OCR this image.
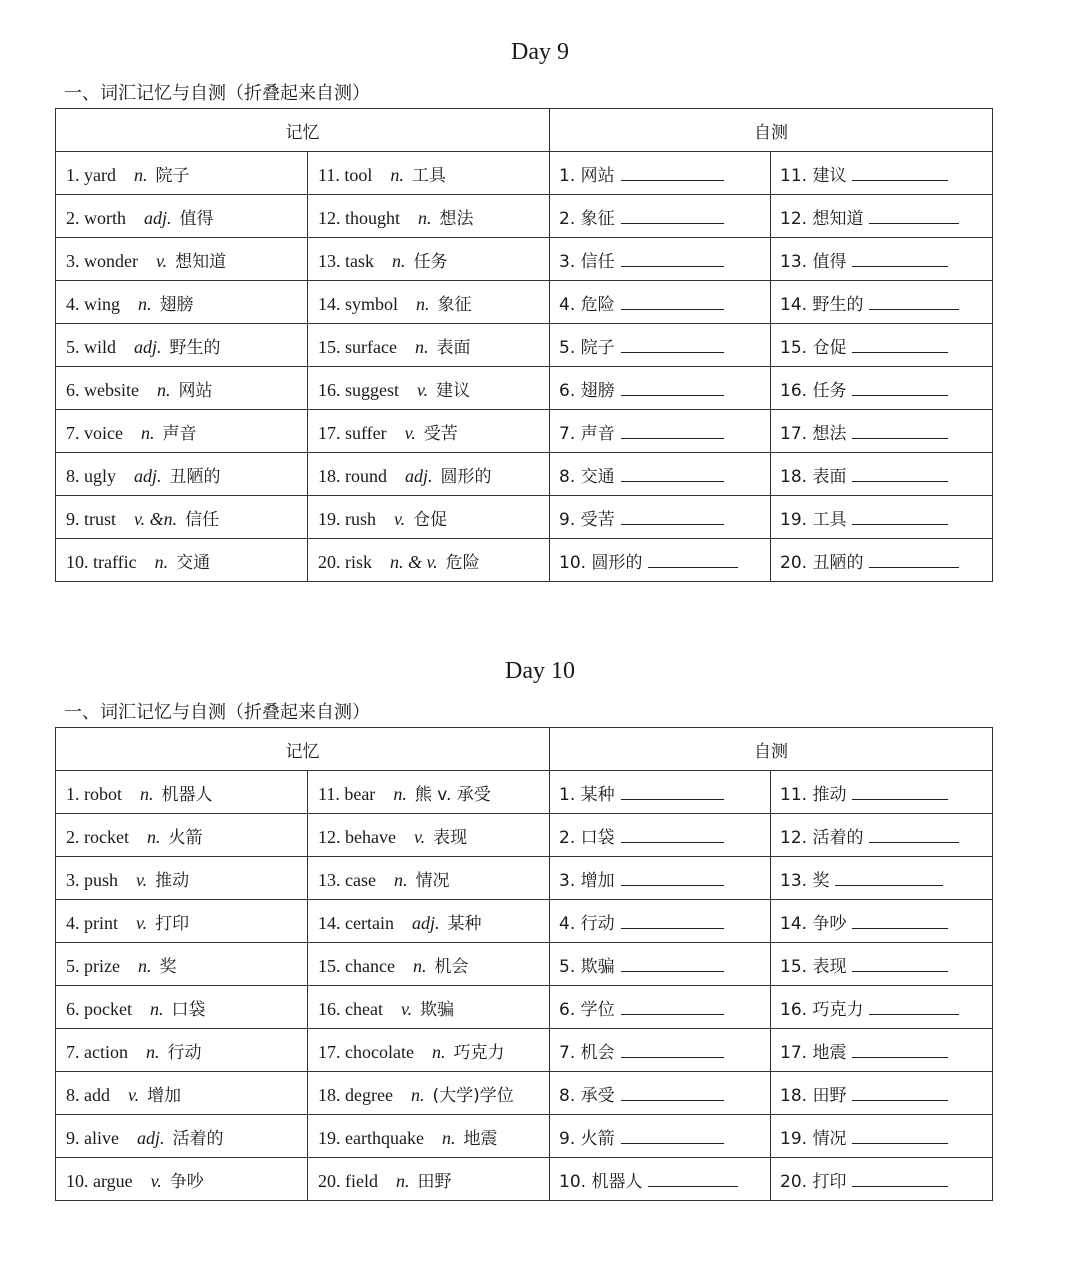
Day 9
一、词汇记忆与自测（折叠起来自测）
记忆		自测	
1. yard n. 院子	11. tool n. 工具	1. 网站	11. 建议
2. worth adj. 值得	12. thought n. 想法	2. 象征	12. 想知道
3. wonder v. 想知道	13. task n. 任务	3. 信任	13. 值得
4. wing n. 翅膀	14. symbol n. 象征	4. 危险	14. 野生的
5. wild adj. 野生的	15. surface n. 表面	5. 院子	15. 仓促
6. website n. 网站	16. suggest v. 建议	6. 翅膀	16. 任务
7. voice n. 声音	17. suffer v. 受苦	7. 声音	17. 想法
8. ugly adj. 丑陋的	18. round adj. 圆形的	8. 交通	18. 表面
9. trust v. &n. 信任	19. rush v. 仓促	9. 受苦	19. 工具
10. traffic n. 交通	20. risk n. & v. 危险	10. 圆形的	20. 丑陋的
Day 10
一、词汇记忆与自测（折叠起来自测）
记忆		自测	
1. robot n. 机器人	11. bear n. 熊 v. 承受	1. 某种	11. 推动
2. rocket n. 火箭	12. behave v. 表现	2. 口袋	12. 活着的
3. push v. 推动	13. case n. 情况	3. 增加	13. 奖
4. print v. 打印	14. certain adj. 某种	4. 行动	14. 争吵
5. prize n. 奖	15. chance n. 机会	5. 欺骗	15. 表现
6. pocket n. 口袋	16. cheat v. 欺骗	6. 学位	16. 巧克力
7. action n. 行动	17. chocolate n. 巧克力	7. 机会	17. 地震
8. add v. 增加	18. degree n. (大学)学位	8. 承受	18. 田野
9. alive adj. 活着的	19. earthquake n. 地震	9. 火箭	19. 情况
10. argue v. 争吵	20. field n. 田野	10. 机器人	20. 打印
